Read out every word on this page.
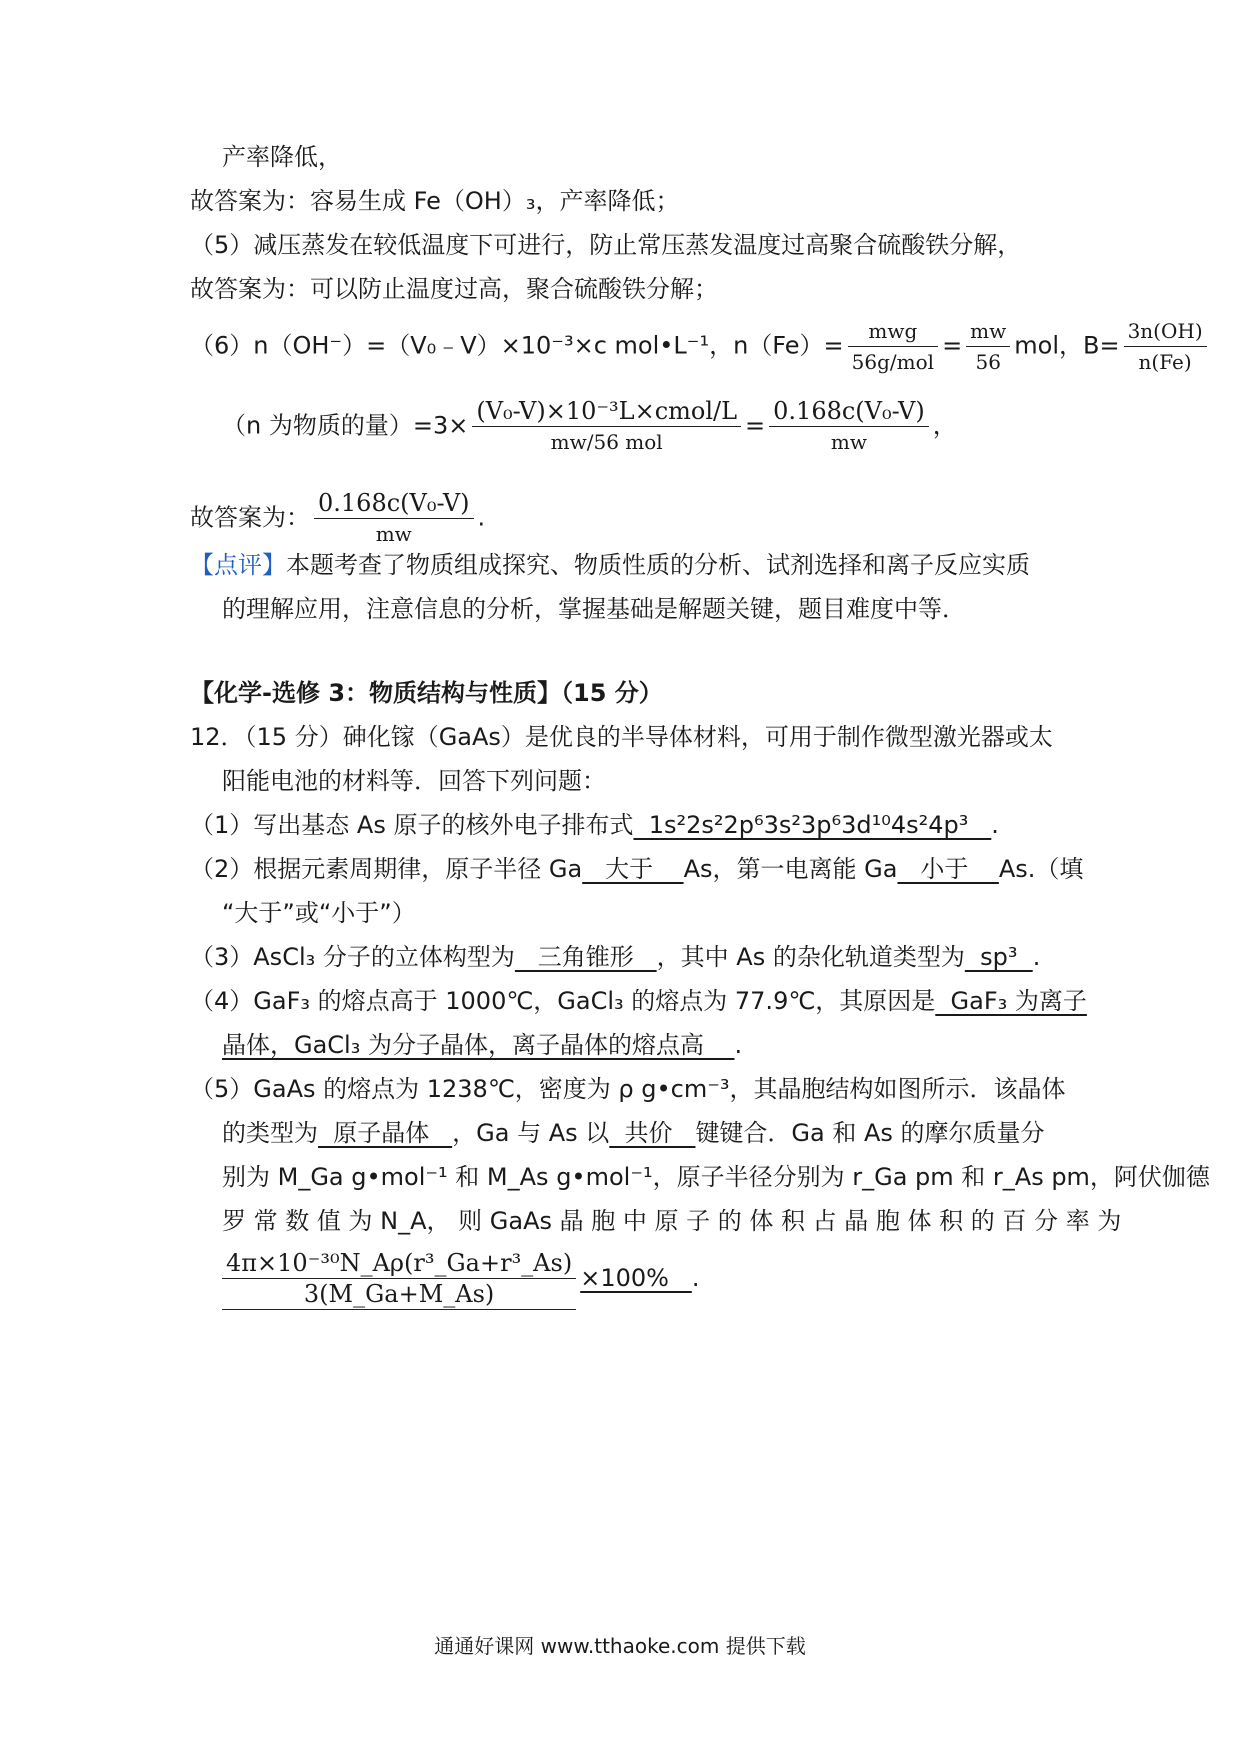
产率降低，
故答案为：容易生成 Fe（OH）₃，产率降低；
（5）减压蒸发在较低温度下可进行，防止常压蒸发温度过高聚合硫酸铁分解，
故答案为：可以防止温度过高，聚合硫酸铁分解；
（6）n（OH⁻）=（V₀﹣V）×10⁻³×c mol•L⁻¹，$n(Fe)= \frac{\text{mwg}}{\text{56g/mol}} = \frac{mw}{56}$ mol，$B= \frac{3n(OH)}{n(Fe)}$
（n 为物质的量）$=3\times \frac{\text{(V₀-V)×10⁻³L×cmol/L}}{\text{mw/56 mol}} = \frac{\text{0.168c(V₀-V)}}{mw}$ ，
故答案为： $\frac{\text{0.168c(V₀-V)}}{mw}$ .
【点评】本题考查了物质组成探究、物质性质的分析、试剂选择和离子反应实质
的理解应用，注意信息的分析，掌握基础是解题关键，题目难度中等．
【化学-选修 3：物质结构与性质】（15 分）
12．（15 分）砷化镓（GaAs）是优良的半导体材料，可用于制作微型激光器或太
阳能电池的材料等．回答下列问题：
（1）写出基态 As 原子的核外电子排布式  1s²2s²2p⁶3s²3p⁶3d¹⁰4s²4p³   .
（2）根据元素周期律，原子半径 Ga   大于    As，第一电离能 Ga   小于    As.（填
“大于”或“小于”）
（3）AsCl₃ 分子的立体构型为   三角锥形   ，其中 As 的杂化轨道类型为  sp³  .
（4）GaF₃ 的熔点高于 1000℃，GaCl₃ 的熔点为 77.9℃，其原因是  GaF₃ 为离子
晶体，GaCl₃ 为分子晶体，离子晶体的熔点高    .
（5）GaAs 的熔点为 1238℃，密度为 ρ g•cm⁻³，其晶胞结构如图所示．该晶体
的类型为  原子晶体   ，Ga 与 As 以  共价   键键合．Ga 和 As 的摩尔质量分
别为 M_Ga g•mol⁻¹ 和 M_As g•mol⁻¹，原子半径分别为 r_Ga pm 和 r_As pm，阿伏伽德
罗 常 数 值 为 N_A， 则 GaAs 晶 胞 中 原 子 的 体 积 占 晶 胞 体 积 的 百 分 率 为
$\frac{\text{4π×10⁻³⁰N\_Aρ(r³\_Ga+r³\_As)}}{3(M\_Ga+M\_As)} \times 100\%$   .
通通好课网 www.tthaoke.com 提供下载
